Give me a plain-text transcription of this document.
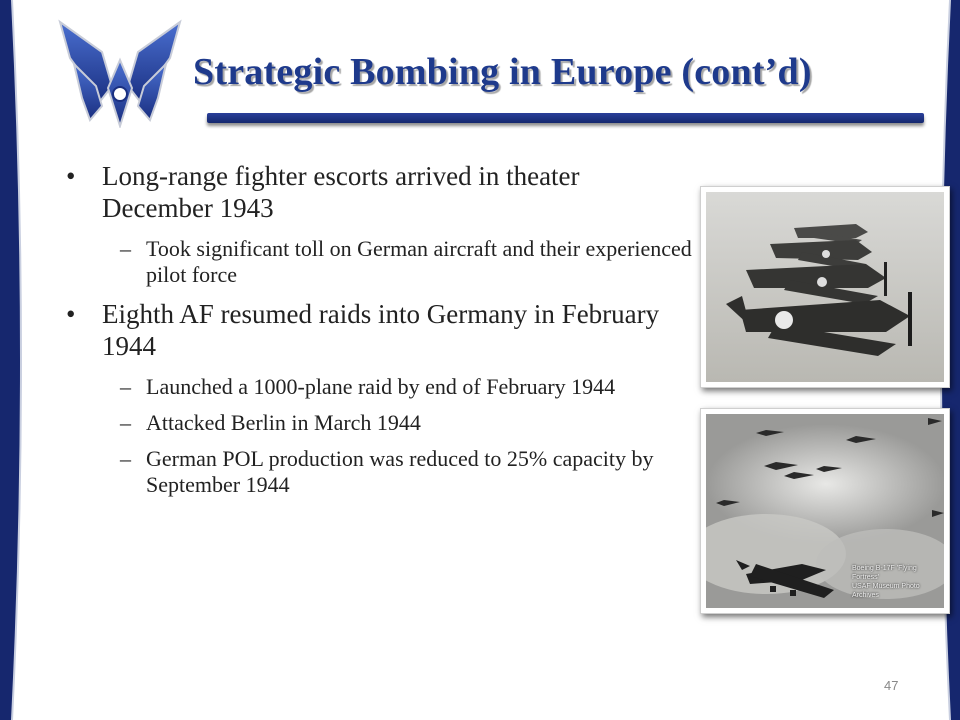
Strategic Bombing in Europe (cont’d)
• Long-range fighter escorts arrived in theater December 1943
– Took significant toll on German aircraft and their experienced pilot force
• Eighth AF resumed raids into Germany in February 1944
– Launched a 1000-plane raid by end of February 1944
– Attacked Berlin in March 1944
– German POL production was reduced to 25% capacity by September 1944
Boeing B-17F 'Flying Fortress'
USAF Museum Photo Archives
47
